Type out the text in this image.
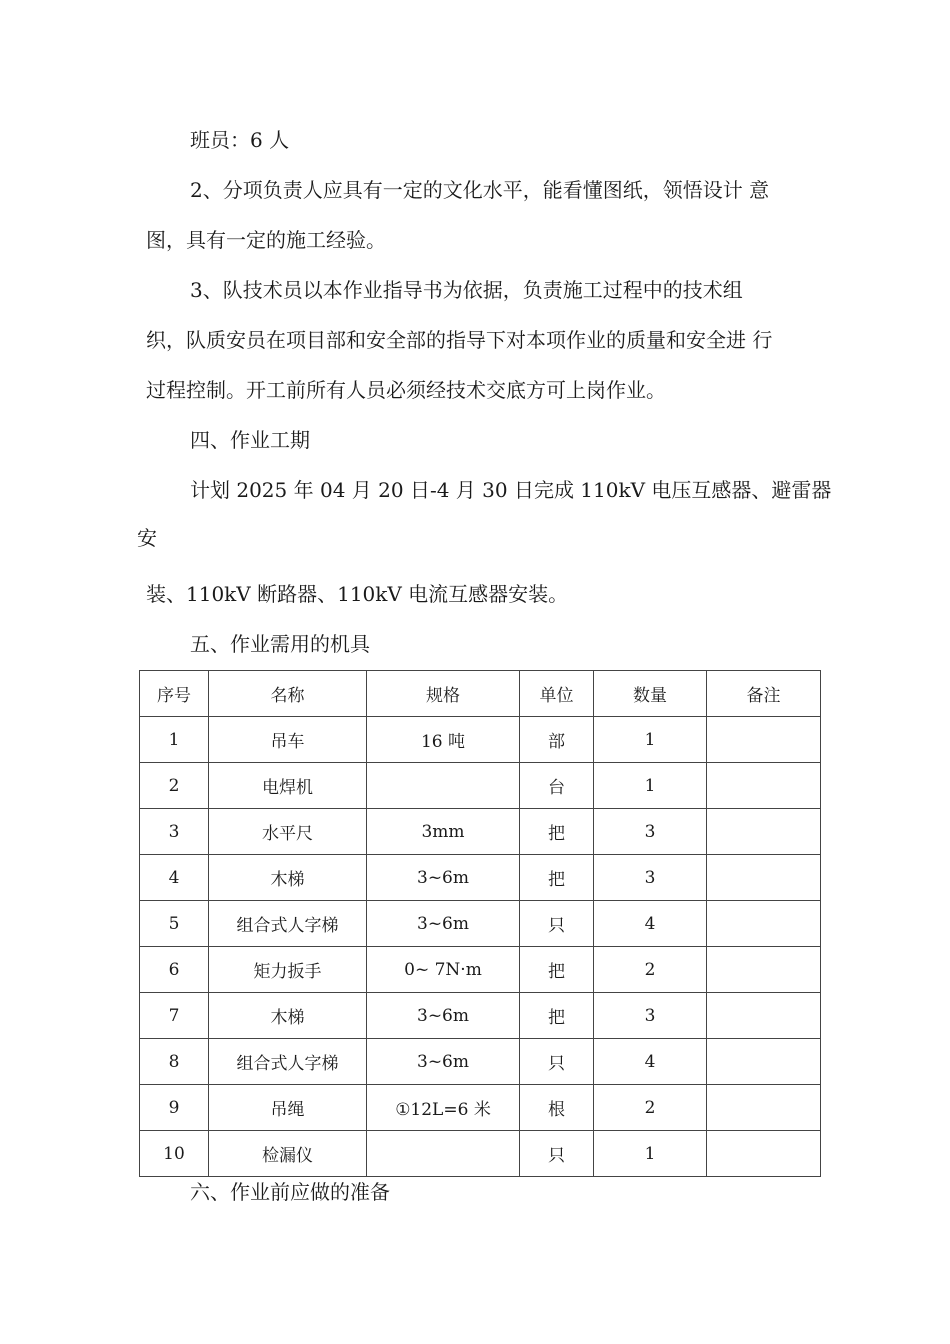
班员：6 人
2、分项负责人应具有一定的文化水平，能看懂图纸，领悟设计 意
图，具有一定的施工经验。
3、队技术员以本作业指导书为依据，负责施工过程中的技术组
织，队质安员在项目部和安全部的指导下对本项作业的质量和安全进 行
过程控制。开工前所有人员必须经技术交底方可上岗作业。
四、作业工期
计划 2025 年 04 月 20 日-4 月 30 日完成 110kV 电压互感器、避雷器
安
装、110kV 断路器、110kV 电流互感器安装。
五、作业需用的机具
序号	名称	规格	单位	数量	备注
1	吊车	16 吨	部	1	
2	电焊机		台	1	
3	水平尺	3mm	把	3	
4	木梯	3~6m	把	3	
5	组合式人字梯	3~6m	只	4	
6	矩力扳手	0~ 7N·m	把	2	
7	木梯	3~6m	把	3	
8	组合式人字梯	3~6m	只	4	
9	吊绳	①12L=6 米	根	2	
10	检漏仪		只	1	
六、作业前应做的准备
